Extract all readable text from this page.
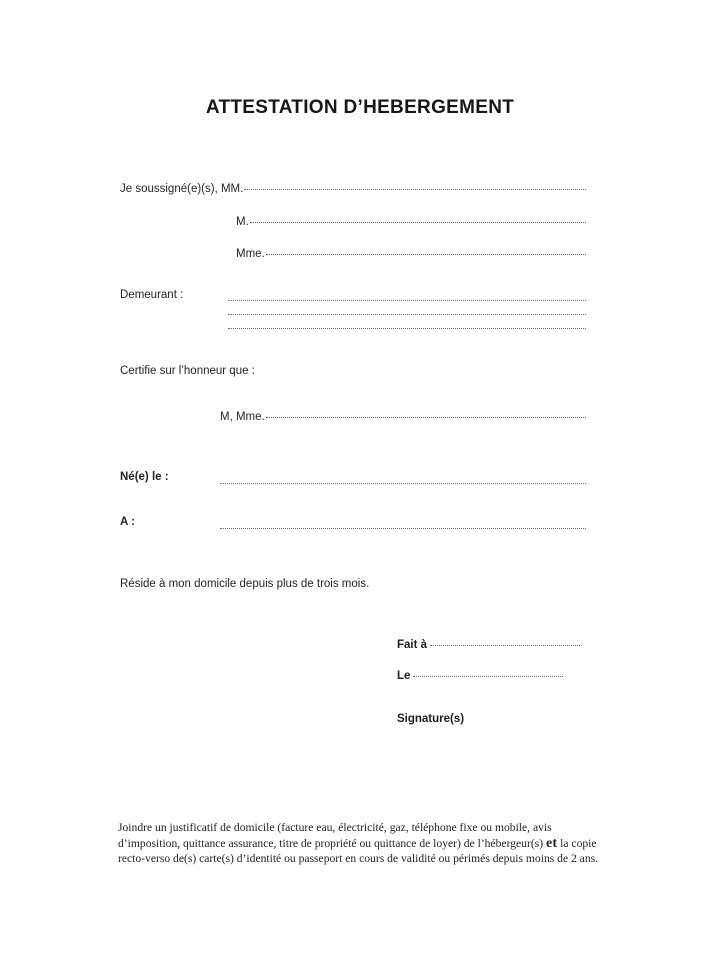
ATTESTATION D’HEBERGEMENT
Je soussigné(e)(s), MM.
M.
Mme.
Demeurant :
Certifie sur l’honneur que :
M, Mme.
Né(e) le :
A :
Réside à mon domicile depuis plus de trois mois.
Fait à
Le
Signature(s)
Joindre un justificatif de domicile (facture eau, électricité, gaz, téléphone fixe ou mobile, avis d’imposition, quittance assurance, titre de propriété ou quittance de loyer) de l’hébergeur(s) et la copie recto-verso de(s) carte(s) d’identité ou passeport en cours de validité ou périmés depuis moins de 2 ans.
